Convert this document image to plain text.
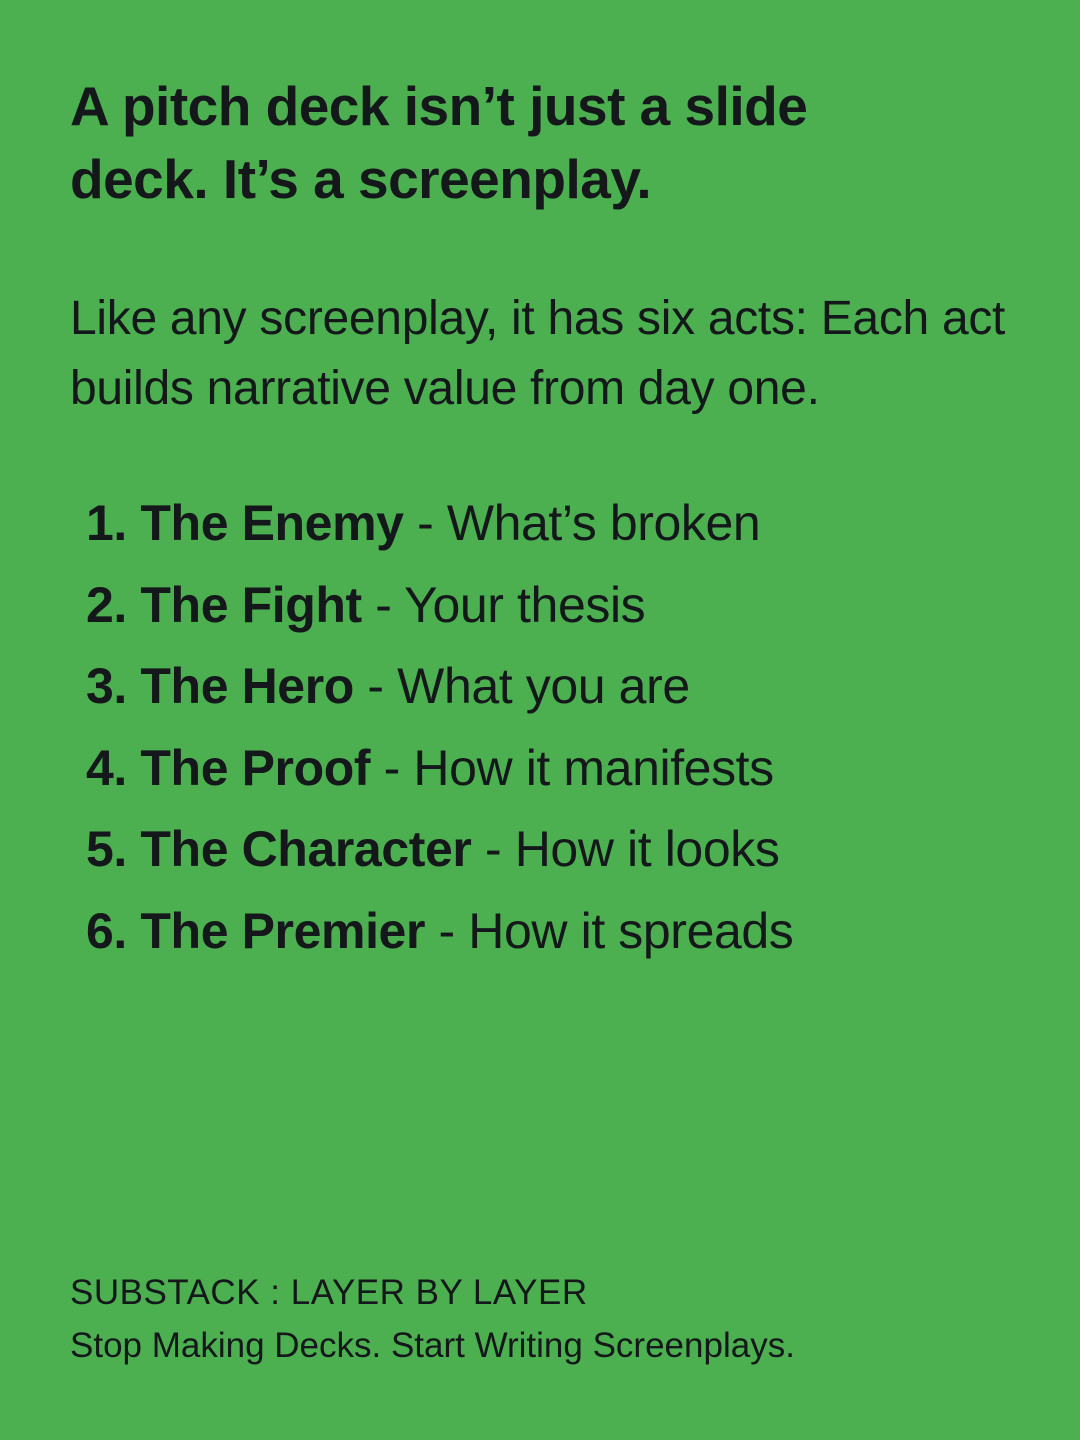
A pitch deck isn’t just a slide deck. It’s a screenplay.

Like any screenplay, it has six acts: Each act builds narrative value from day one.

1. The Enemy - What’s broken
2. The Fight - Your thesis
3. The Hero - What you are
4. The Proof - How it manifests
5. The Character - How it looks
6. The Premier - How it spreads

SUBSTACK : LAYER BY LAYER

Stop Making Decks. Start Writing Screenplays.
